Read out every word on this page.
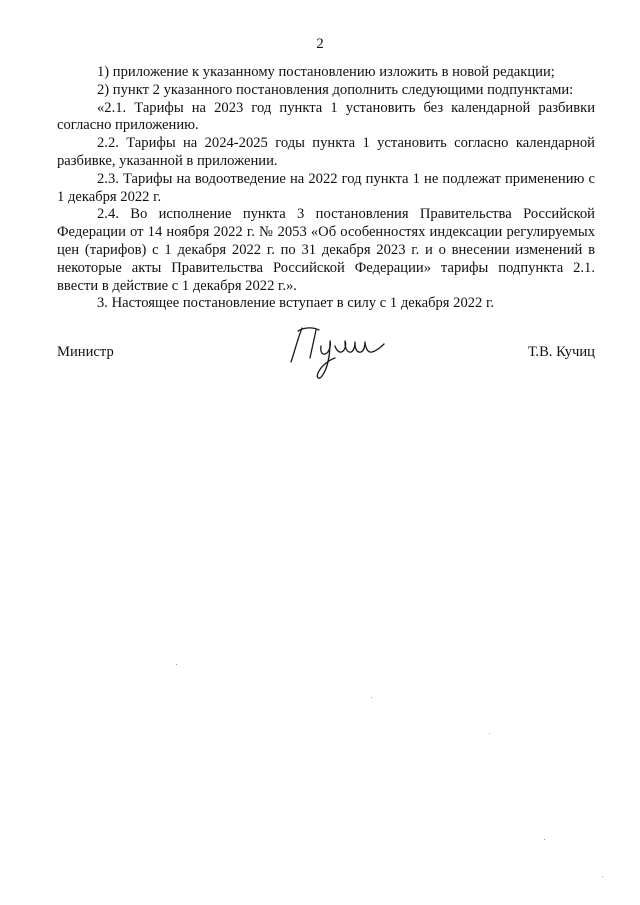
2

1) приложение к указанному постановлению изложить в новой редакции;

2) пункт 2 указанного постановления дополнить следующими подпунктами:

«2.1. Тарифы на 2023 год пункта 1 установить без календарной разбивки согласно приложению.

2.2. Тарифы на 2024-2025 годы пункта 1 установить согласно календарной разбивке, указанной в приложении.

2.3. Тарифы на водоотведение на 2022 год пункта 1 не подлежат применению с 1 декабря 2022 г.

2.4. Во исполнение пункта 3 постановления Правительства Российской Федерации от 14 ноября 2022 г. № 2053 «Об особенностях индексации регулируемых цен (тарифов) с 1 декабря 2022 г. по 31 декабря 2023 г. и о внесении изменений в некоторые акты Правительства Российской Федерации» тарифы подпункта 2.1. ввести в действие с 1 декабря 2022 г.».

3. Настоящее постановление вступает в силу с 1 декабря 2022 г.

Министр	Т.В. Кучиц
